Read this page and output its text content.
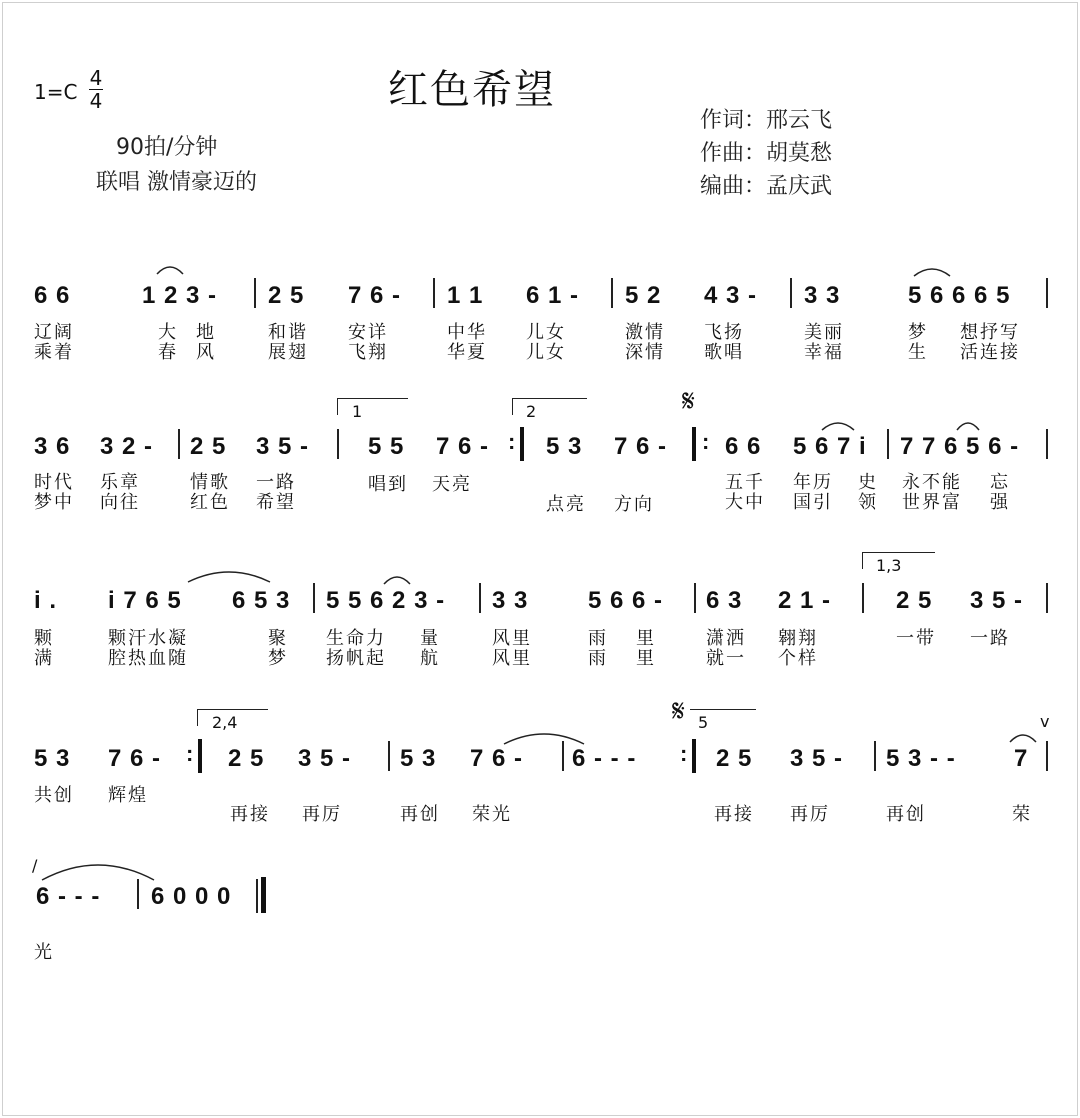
1=C
4
4	红色希望
90拍/分钟
联唱 激情豪迈的
作词：邢云飞
作曲：胡莫愁
编曲：孟庆武
6 6	1 2 3 - 2 5 7 6 - 1 1 6 1 - 5 2 4 3 - 3 3	5 6 6 6 5
辽阔	大 地	和谐 安详	中华 儿女	激情 飞扬	美丽	梦 想抒写
乘着	春 风	展翅 飞翔	华夏 儿女	深情 歌唱	幸福	生 活连接
1	2	𝄋
3 6 3 2 - 2 5 3 5 - 5 5 7 6 - : 5 3 7 6 - : 6 6 5 6 7 i 7 7 6 5 6 -
时代 乐章	情歌 一路	唱到 天亮	五千 年历 史 永不能 忘
梦中 向往	红色 希望	点亮 方向	大中 国引 领 世界富 强
1,3
i . i 7 6 5 6 5 3 5 5 6 2 3 - 3 3 5 6 6 - 6 3 2 1 -	2 5 3 5 -
颗	颗汗水凝	聚 生命力 量	风里	雨 里	潇洒 翱翔	一带 一路
满	腔热血随	梦 扬帆起 航	风里	雨 里	就一 个样
2,4	𝄋 5	v
5 3 7 6 - : 2 5 3 5 - 5 3 7 6 - 6 - - - : 2 5 3 5 - 5 3 - - 7
共创 辉煌
再接 再厉	再创 荣光	再接 再厉	再创	荣
/
6 - - - 6 0 0 0
光
